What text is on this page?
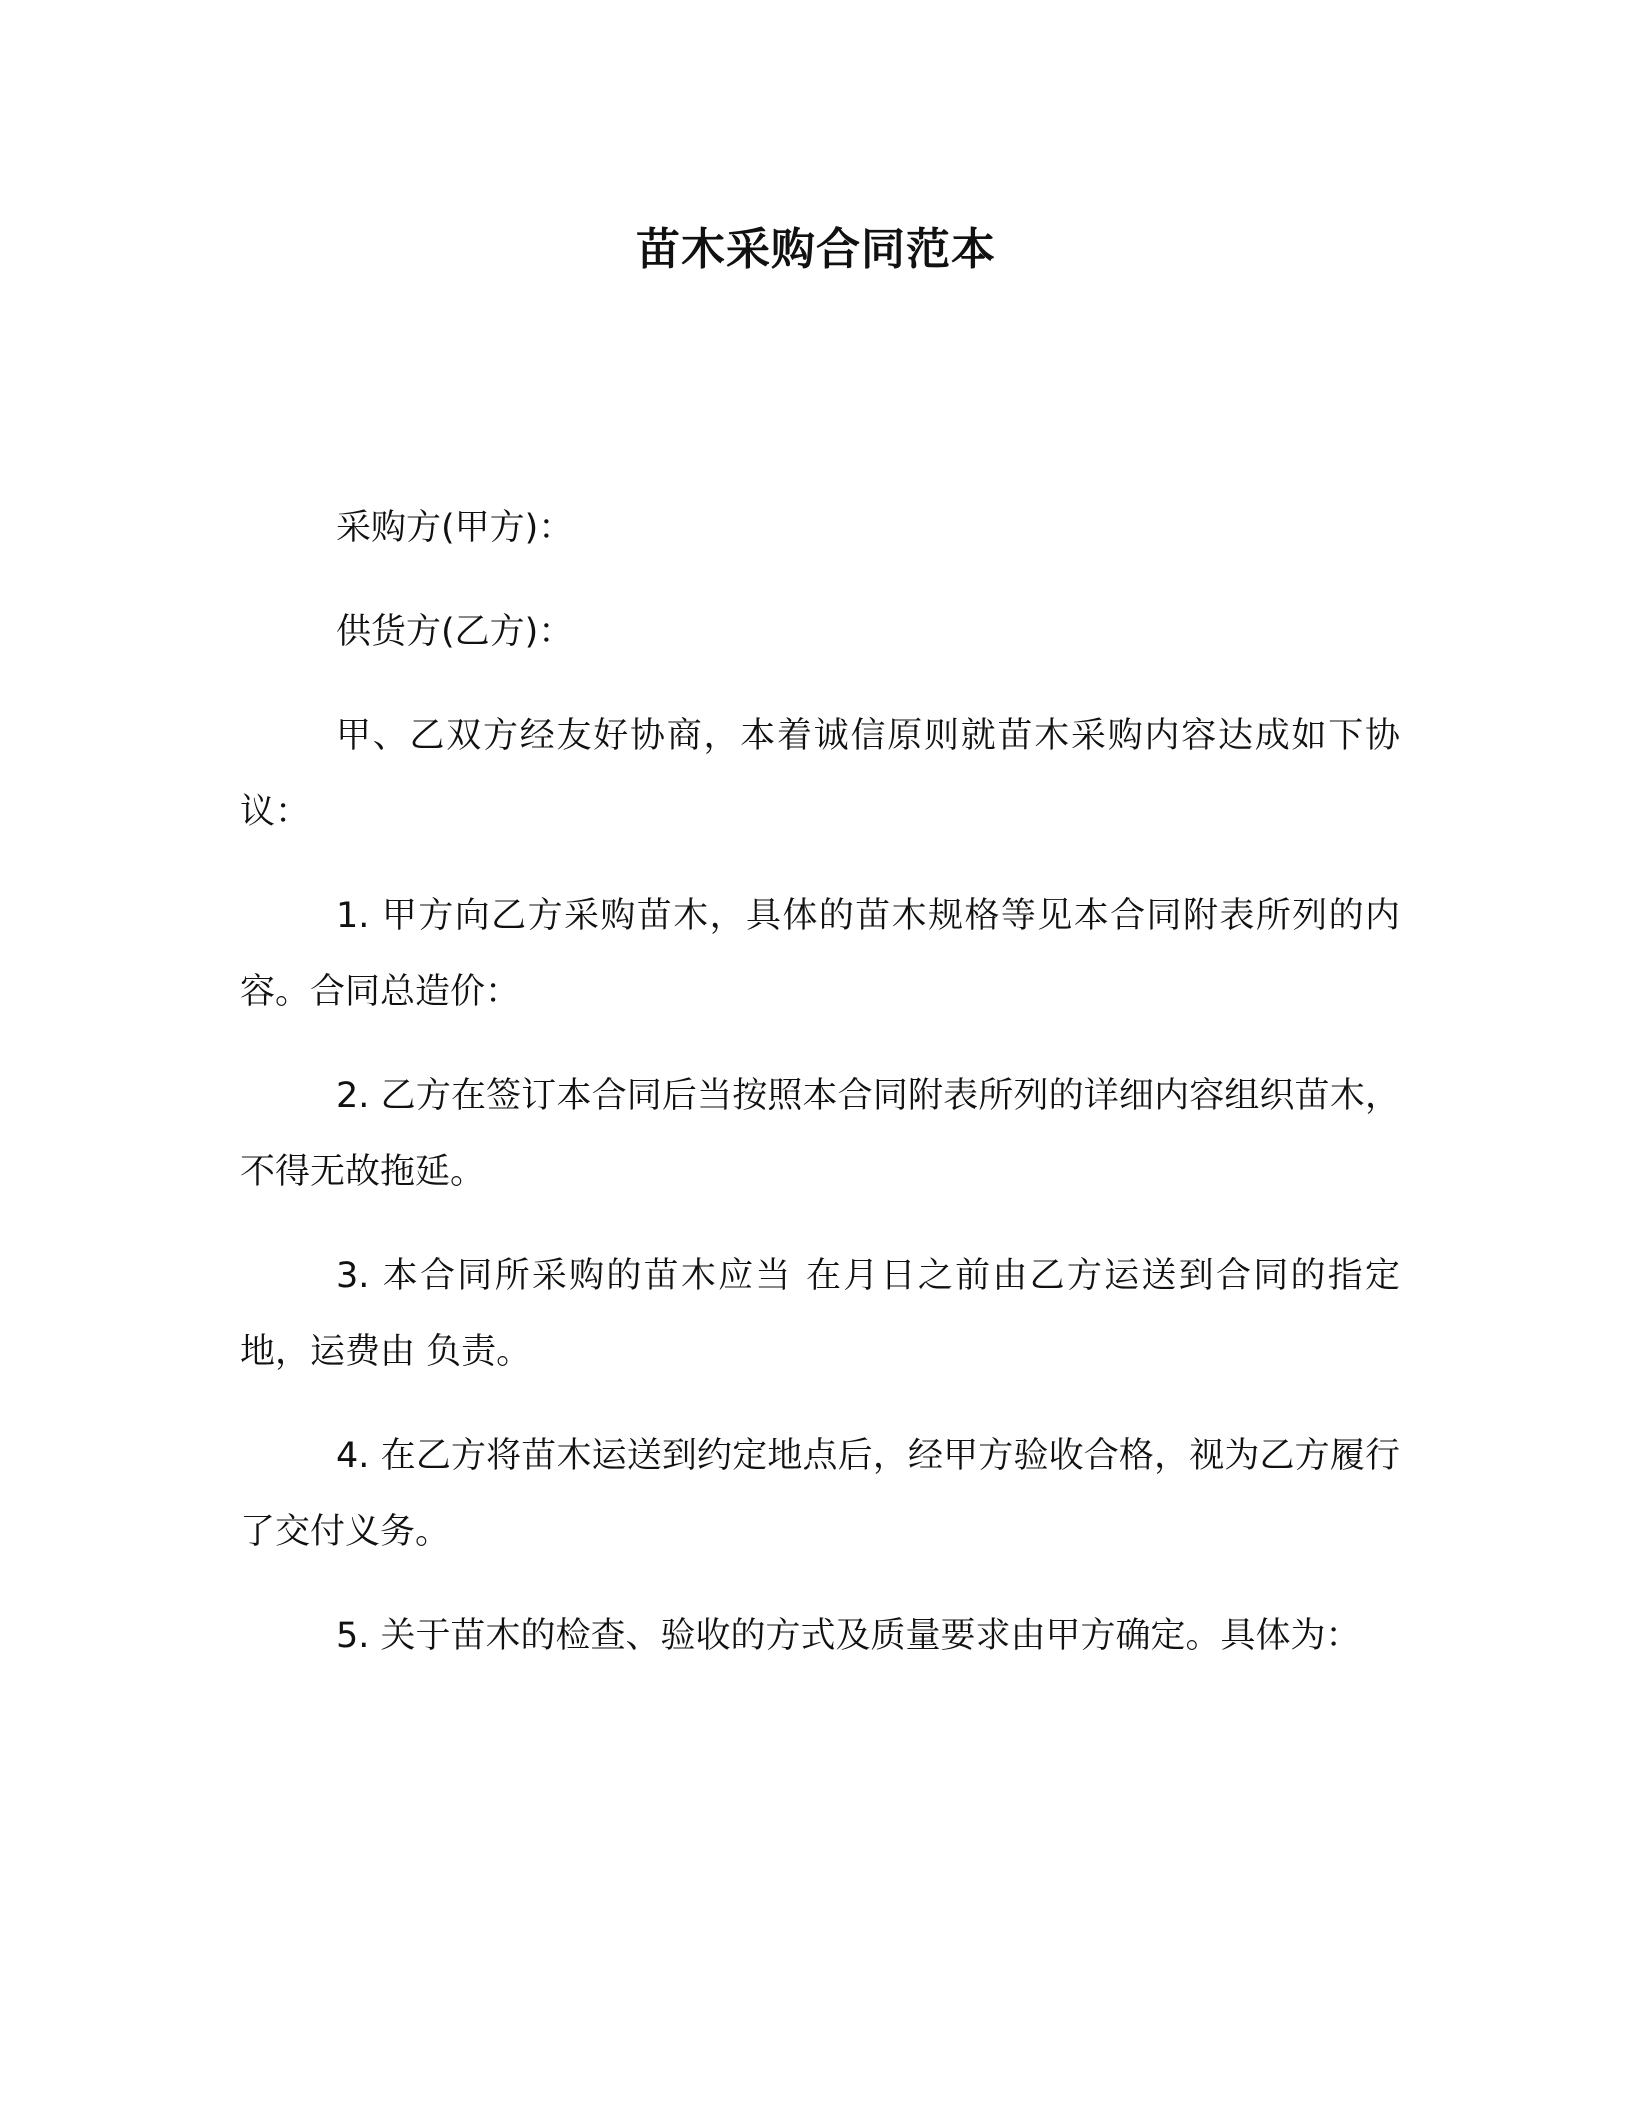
苗木采购合同范本

采购方(甲方)：

供货方(乙方)：

甲、乙双方经友好协商，本着诚信原则就苗木采购内容达成如下协议：

1. 甲方向乙方采购苗木，具体的苗木规格等见本合同附表所列的内容。合同总造价：

2. 乙方在签订本合同后当按照本合同附表所列的详细内容组织苗木，不得无故拖延。

3. 本合同所采购的苗木应当 在月日之前由乙方运送到合同的指定地，运费由 负责。

4. 在乙方将苗木运送到约定地点后，经甲方验收合格，视为乙方履行了交付义务。

5. 关于苗木的检查、验收的方式及质量要求由甲方确定。具体为：
